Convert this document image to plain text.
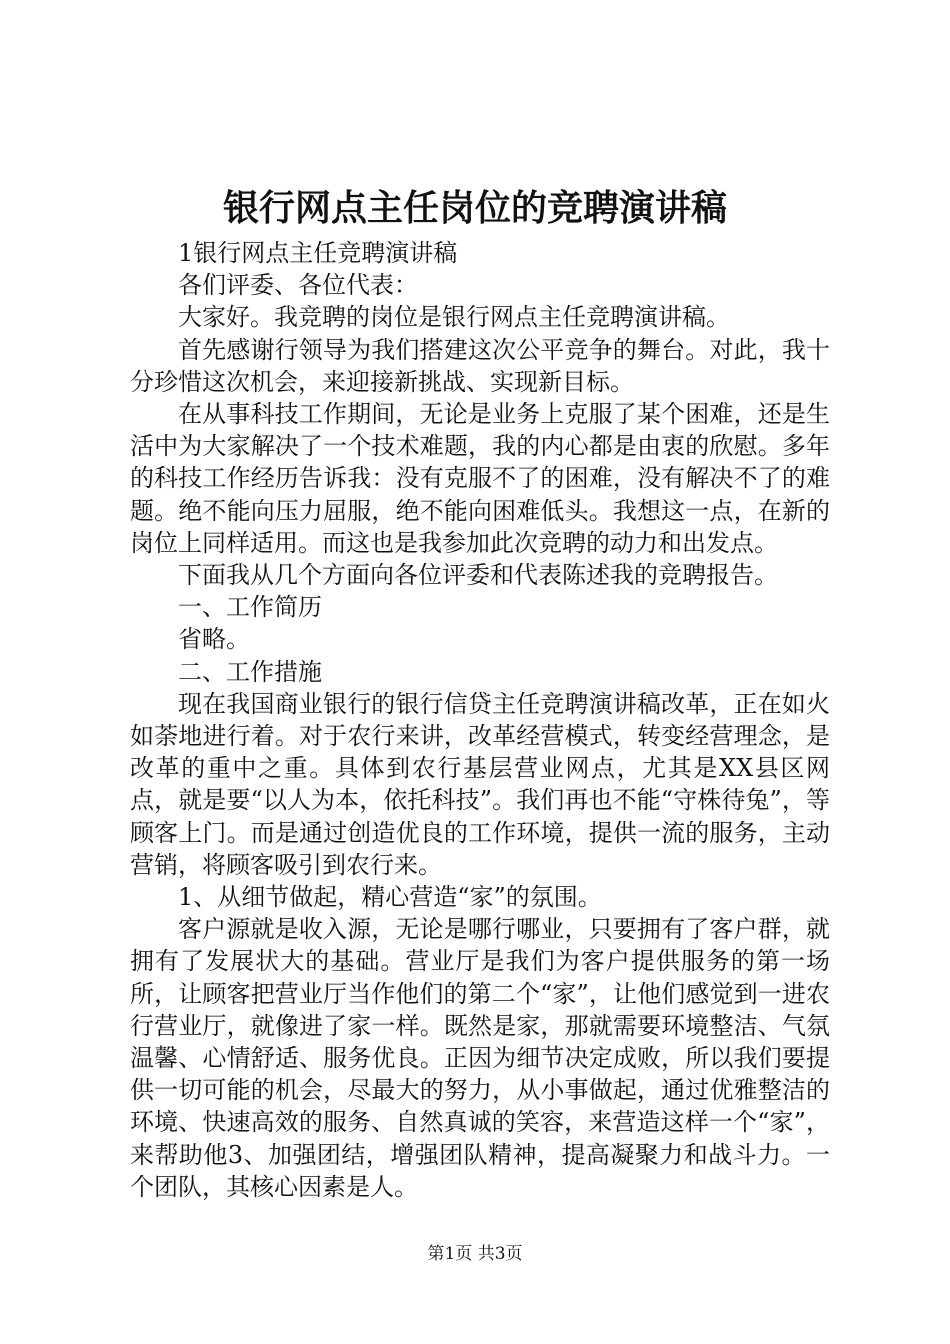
银行网点主任岗位的竞聘演讲稿

1银行网点主任竞聘演讲稿

各们评委、各位代表：

大家好。我竞聘的岗位是银行网点主任竞聘演讲稿。

首先感谢行领导为我们搭建这次公平竞争的舞台。对此，我十分珍惜这次机会，来迎接新挑战、实现新目标。

在从事科技工作期间，无论是业务上克服了某个困难，还是生活中为大家解决了一个技术难题，我的内心都是由衷的欣慰。多年的科技工作经历告诉我：没有克服不了的困难，没有解决不了的难题。绝不能向压力屈服，绝不能向困难低头。我想这一点，在新的岗位上同样适用。而这也是我参加此次竞聘的动力和出发点。

下面我从几个方面向各位评委和代表陈述我的竞聘报告。

一、工作简历

省略。

二、工作措施

现在我国商业银行的银行信贷主任竞聘演讲稿改革，正在如火如荼地进行着。对于农行来讲，改革经营模式，转变经营理念，是改革的重中之重。具体到农行基层营业网点，尤其是XX县区网点，就是要“以人为本，依托科技”。我们再也不能“守株待兔”，等顾客上门。而是通过创造优良的工作环境，提供一流的服务，主动营销，将顾客吸引到农行来。

1、从细节做起，精心营造“家”的氛围。

客户源就是收入源，无论是哪行哪业，只要拥有了客户群，就拥有了发展状大的基础。营业厅是我们为客户提供服务的第一场所，让顾客把营业厅当作他们的第二个“家”，让他们感觉到一进农行营业厅，就像进了家一样。既然是家，那就需要环境整洁、气氛温馨、心情舒适、服务优良。正因为细节决定成败，所以我们要提供一切可能的机会，尽最大的努力，从小事做起，通过优雅整洁的环境、快速高效的服务、自然真诚的笑容，来营造这样一个“家”，来帮助他3、加强团结，增强团队精神，提高凝聚力和战斗力。一个团队，其核心因素是人。

第1页 共3页
